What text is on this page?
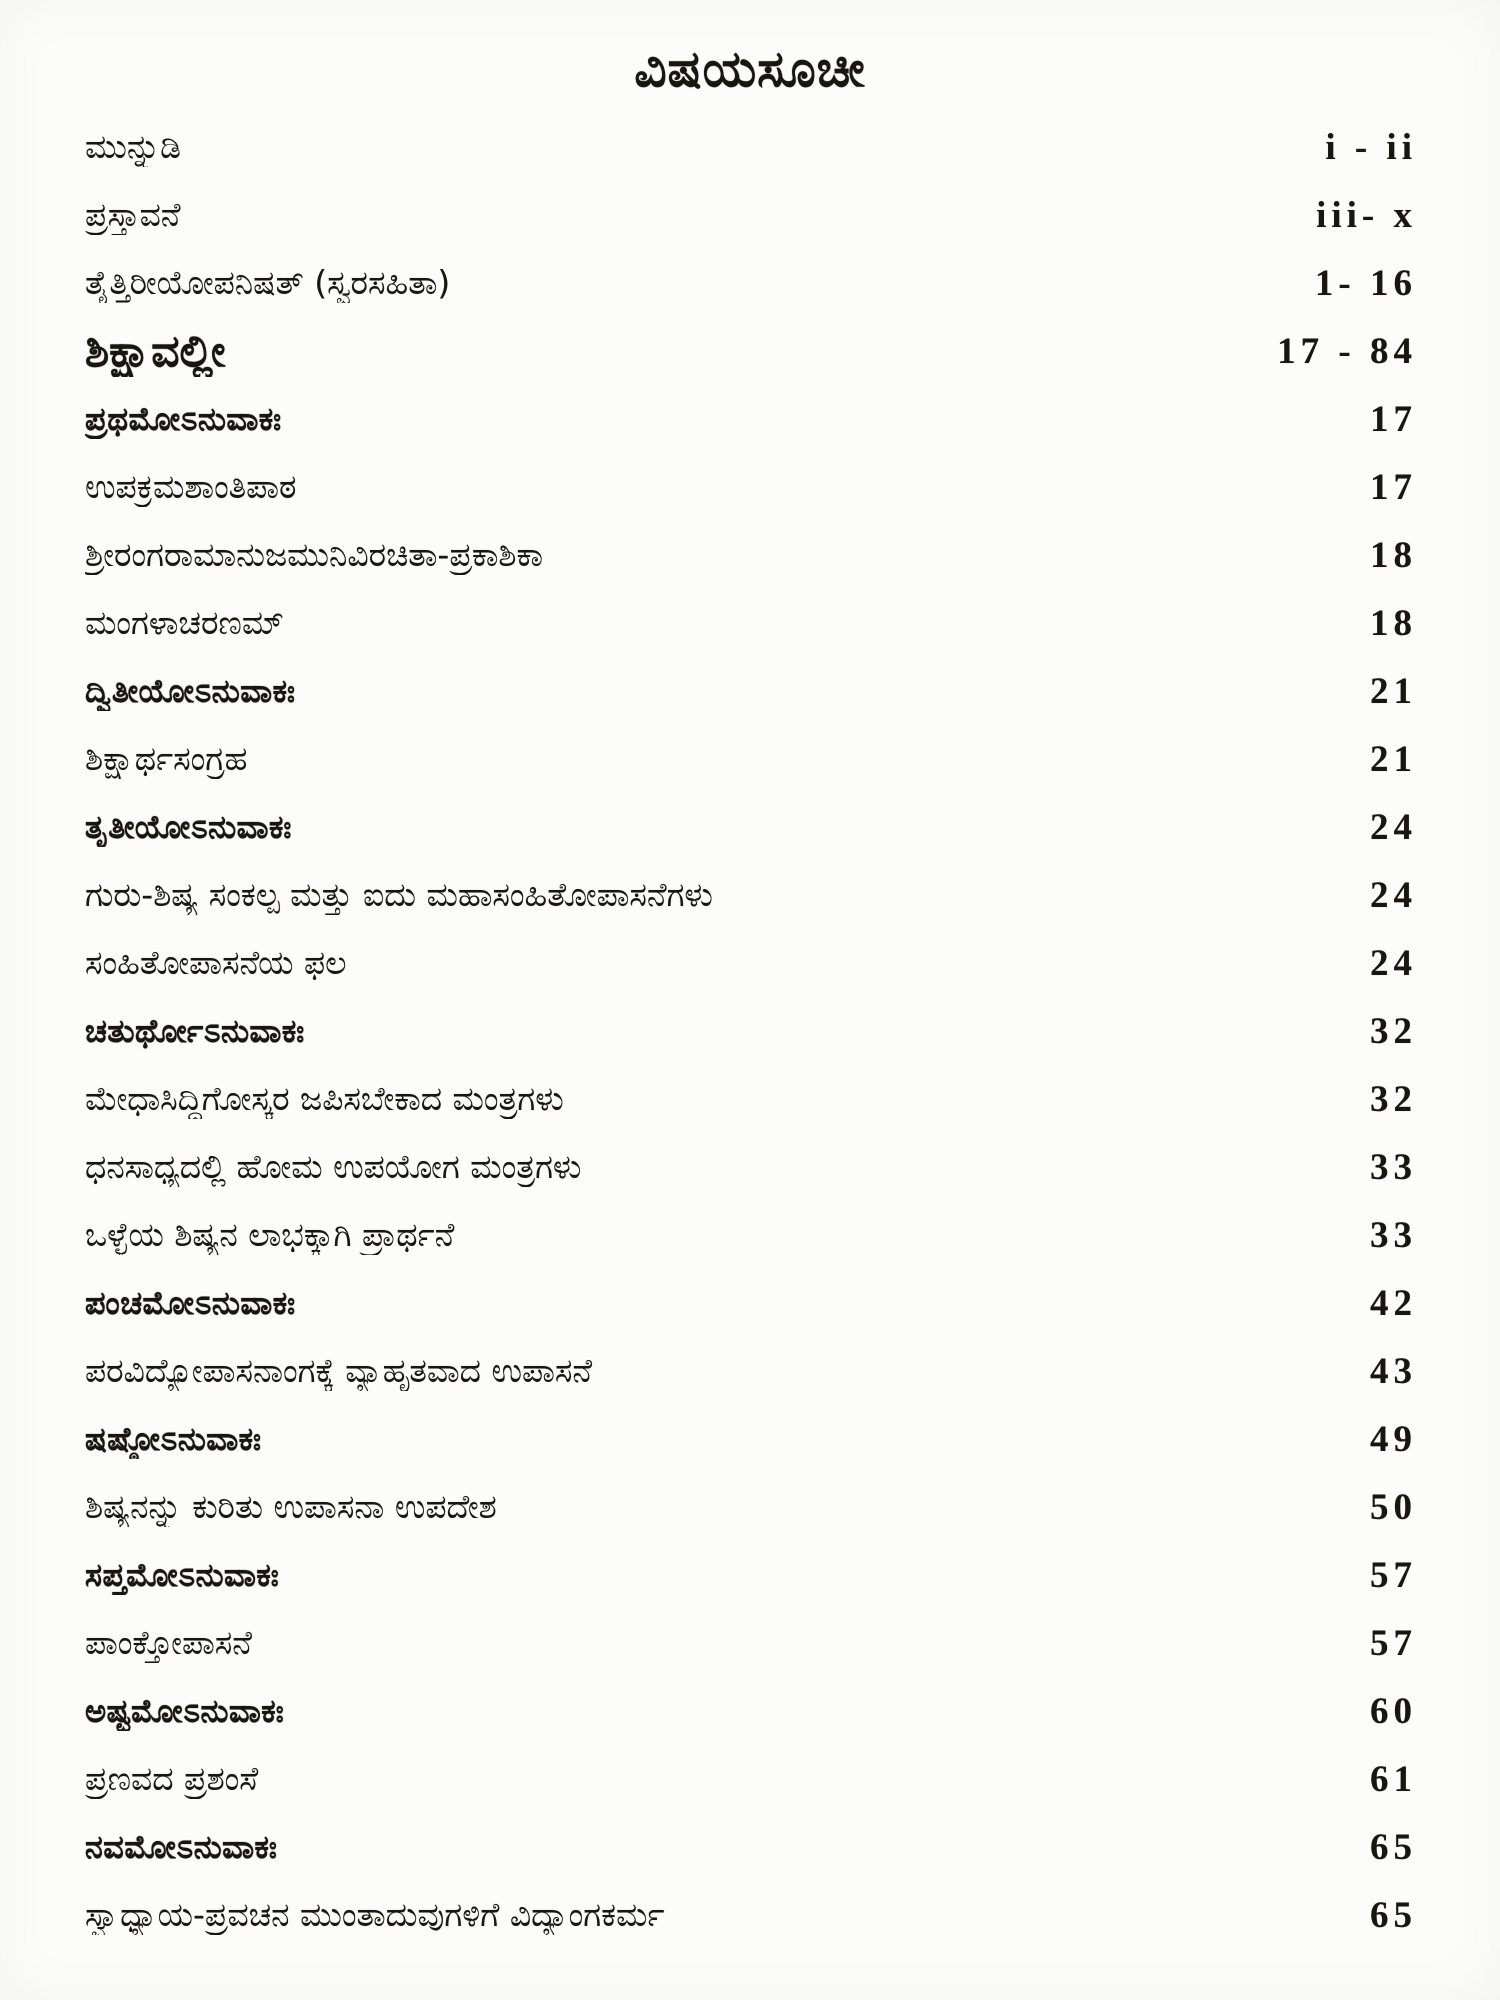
ವಿಷಯಸೂಚೀ
ಮುನ್ನುಡಿ	i - ii
ಪ್ರಸ್ತಾವನೆ	iii- x
ತೈತ್ತಿರೀಯೋಪನಿಷತ್ (ಸ್ವರಸಹಿತಾ)	1- 16
ಶಿಕ್ಷಾವಲ್ಲೀ	17 - 84
ಪ್ರಥಮೋಽನುವಾಕಃ	17
ಉಪಕ್ರಮಶಾಂತಿಪಾಠ	17
ಶ್ರೀರಂಗರಾಮಾನುಜಮುನಿವಿರಚಿತಾ-ಪ್ರಕಾಶಿಕಾ	18
ಮಂಗಳಾಚರಣಮ್	18
ದ್ವಿತೀಯೋಽನುವಾಕಃ	21
ಶಿಕ್ಷಾರ್ಥಸಂಗ್ರಹ	21
ತೃತೀಯೋಽನುವಾಕಃ	24
ಗುರು-ಶಿಷ್ಯ ಸಂಕಲ್ಪ ಮತ್ತು ಐದು ಮಹಾಸಂಹಿತೋಪಾಸನೆಗಳು	24
ಸಂಹಿತೋಪಾಸನೆಯ ಫಲ	24
ಚತುರ್ಥೋಽನುವಾಕಃ	32
ಮೇಧಾಸಿದ್ಧಿಗೋಸ್ಕರ ಜಪಿಸಬೇಕಾದ ಮಂತ್ರಗಳು	32
ಧನಸಾಧ್ಯದಲ್ಲಿ ಹೋಮ ಉಪಯೋಗ ಮಂತ್ರಗಳು	33
ಒಳ್ಳೆಯ ಶಿಷ್ಯನ ಲಾಭಕ್ಕಾಗಿ ಪ್ರಾರ್ಥನೆ	33
ಪಂಚಮೋಽನುವಾಕಃ	42
ಪರವಿದ್ಯೋಪಾಸನಾಂಗಕ್ಕೆ ವ್ಯಾಹೃತವಾದ ಉಪಾಸನೆ	43
ಷಷ್ಠೋಽನುವಾಕಃ	49
ಶಿಷ್ಯನನ್ನು ಕುರಿತು ಉಪಾಸನಾ ಉಪದೇಶ	50
ಸಪ್ತಮೋಽನುವಾಕಃ	57
ಪಾಂಕ್ತೋಪಾಸನೆ	57
ಅಷ್ಟಮೋಽನುವಾಕಃ	60
ಪ್ರಣವದ ಪ್ರಶಂಸೆ	61
ನವಮೋಽನುವಾಕಃ	65
ಸ್ವಾಧ್ಯಾಯ-ಪ್ರವಚನ ಮುಂತಾದುವುಗಳಿಗೆ ವಿದ್ಯಾಂಗಕರ್ಮ	65
